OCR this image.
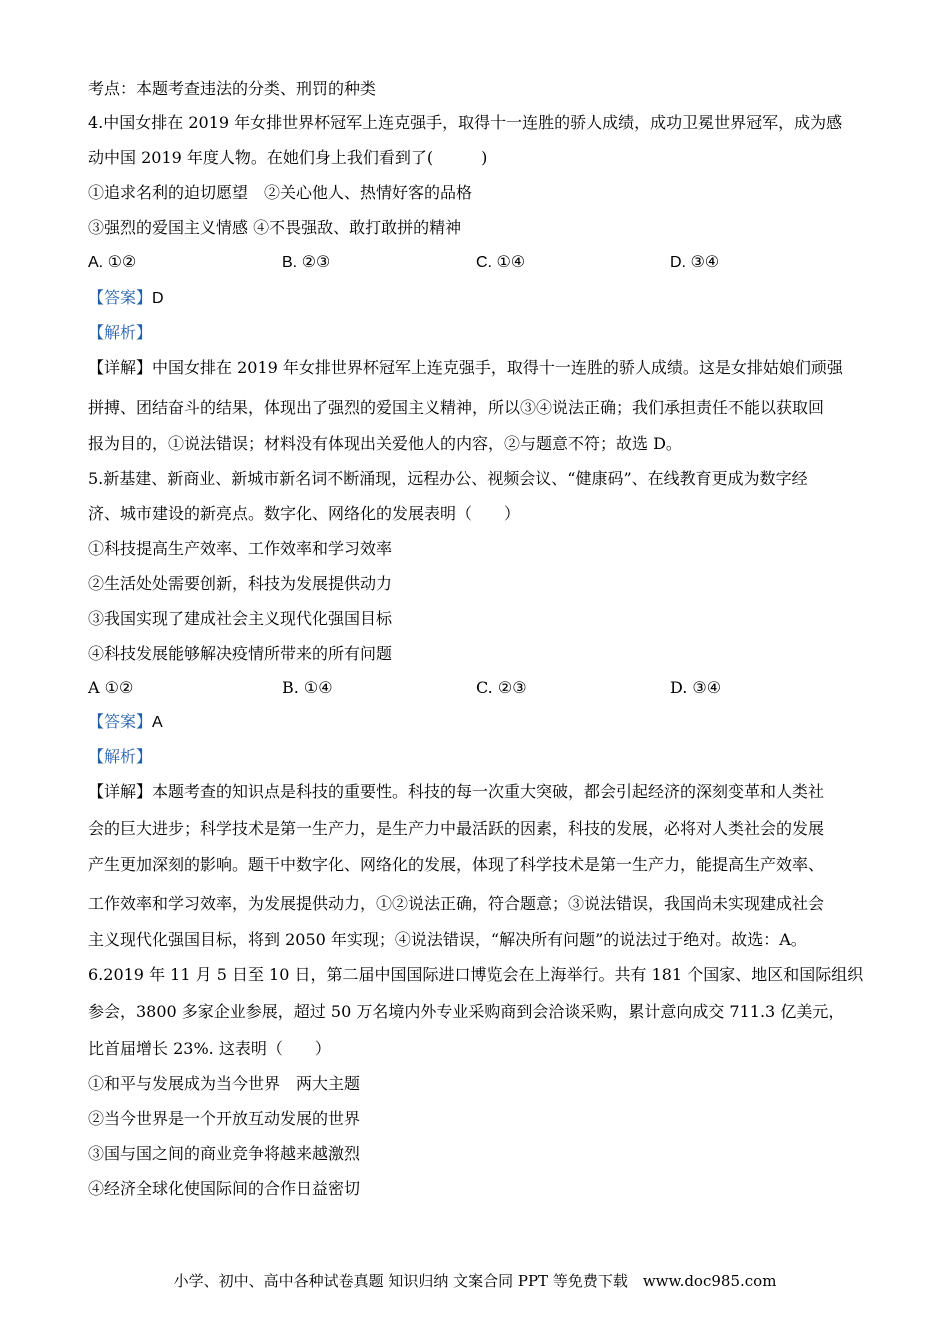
考点：本题考查违法的分类、刑罚的种类
4.中国女排在 2019 年女排世界杯冠军上连克强手，取得十一连胜的骄人成绩，成功卫冕世界冠军，成为感
动中国 2019 年度人物。在她们身上我们看到了(　　　)
①追求名利的迫切愿望　②关心他人、热情好客的品格
③强烈的爱国主义情感 ④不畏强敌、敢打敢拼的精神
A. ①②	B. ②③	C. ①④	D. ③④
【答案】D
【解析】
【详解】中国女排在 2019 年女排世界杯冠军上连克强手，取得十一连胜的骄人成绩。这是女排姑娘们顽强
拼搏、团结奋斗的结果，体现出了强烈的爱国主义精神，所以③④说法正确；我们承担责任不能以获取回
报为目的，①说法错误；材料没有体现出关爱他人的内容，②与题意不符；故选 D。
5.新基建、新商业、新城市新名词不断涌现，远程办公、视频会议、“健康码”、在线教育更成为数字经
济、城市建设的新亮点。数字化、网络化的发展表明（　　）
①科技提高生产效率、工作效率和学习效率
②生活处处需要创新，科技为发展提供动力
③我国实现了建成社会主义现代化强国目标
④科技发展能够解决疫情所带来的所有问题
A ①②	B. ①④	C. ②③	D. ③④
【答案】A
【解析】
【详解】本题考查的知识点是科技的重要性。科技的每一次重大突破，都会引起经济的深刻变革和人类社
会的巨大进步；科学技术是第一生产力，是生产力中最活跃的因素，科技的发展，必将对人类社会的发展
产生更加深刻的影响。题干中数字化、网络化的发展，体现了科学技术是第一生产力，能提高生产效率、
工作效率和学习效率，为发展提供动力，①②说法正确，符合题意；③说法错误，我国尚未实现建成社会
主义现代化强国目标，将到 2050 年实现；④说法错误，“解决所有问题”的说法过于绝对。故选：A。
6.2019 年 11 月 5 日至 10 日，第二届中国国际进口博览会在上海举行。共有 181 个国家、地区和国际组织
参会，3800 多家企业参展，超过 50 万名境内外专业采购商到会洽谈采购，累计意向成交 711.3 亿美元，
比首届增长 23%. 这表明（　　）
①和平与发展成为当今世界　两大主题
②当今世界是一个开放互动发展的世界
③国与国之间的商业竞争将越来越激烈
④经济全球化使国际间的合作日益密切
小学、初中、高中各种试卷真题 知识归纳 文案合同 PPT 等免费下载　www.doc985.com
